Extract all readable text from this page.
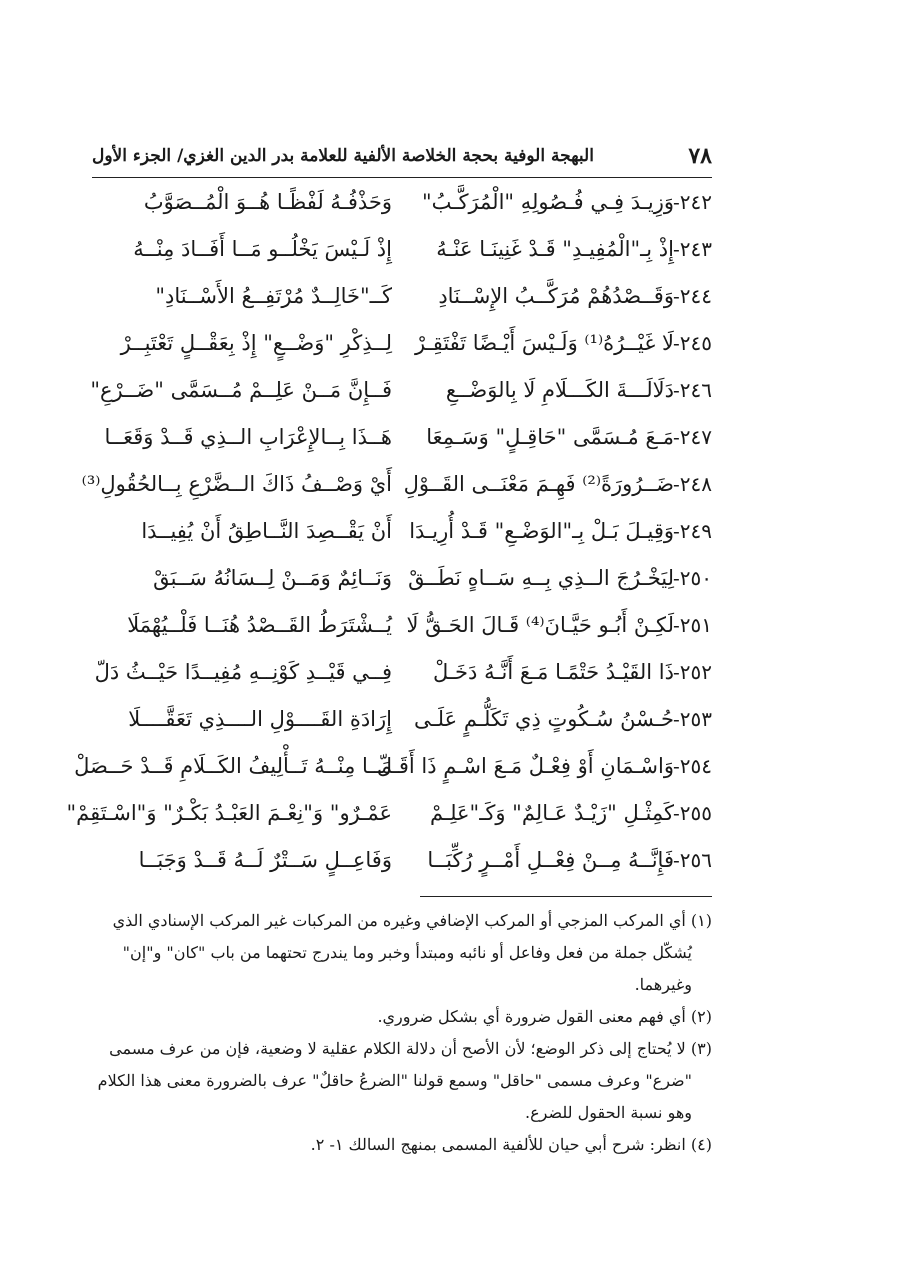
٧٨
البهجة الوفية بحجة الخلاصة الألفية للعلامة بدر الدين الغزي/ الجزء الأول
٢٤٢-
وَزِيـدَ فِـي فُـصُولِهِ "الْمُرَكَّـبُ"
وَحَذْفُـهُ لَفْظًـا هُــوَ الْمُــصَوَّبُ
٢٤٣-
إِذْ بِـ"الْمُفِيـدِ" قَـدْ غَنِينَـا عَنْـهُ
إِذْ لَـيْسَ يَخْلُــو مَــا أَفَــادَ مِنْــهُ
٢٤٤-
وَقَــصْدُهُمْ مُرَكَّــبُ الإِسْــنَادِ
كَــ"خَالِــدٌ مُرْتَفِــعُ الأَسْــنَادِ"
٢٤٥-
لَا غَيْــرُهُ⁽¹⁾ وَلَـيْسَ أَيْـضًا تَفْتَقِـرْ
لِــذِكْرِ "وَضْــعٍ" إِذْ بِعَقْــلٍ تَعْتَبِــرْ
٢٤٦-
دَلَالَـــةَ الكَـــلَامِ لَا بِالوَضْــعِ
فَــإِنَّ مَــنْ عَلِــمْ مُــسَمَّى "ضَــرْعِ"
٢٤٧-
مَـعَ مُـسَمَّى "حَاقِـلٍ" وَسَـمِعَا
هَــذَا بِــالإِعْرَابِ الــذِي قَــدْ وَقَعَــا
٢٤٨-
ضَــرُورَةً⁽²⁾ فَهِـمَ مَعْنَــى القَــوْلِ
أَيْ وَصْــفُ ذَاكَ الــضَّرْعِ بِــالحُقُولِ⁽³⁾
٢٤٩-
وَقِيـلَ بَـلْ بِـ"الوَضْـعِ" قَـدْ أُرِيـدَا
أَنْ يَقْــصِدَ النَّــاطِقُ أَنْ يُفِيــدَا
٢٥٠-
لِيَخْـرُجَ الــذِي بِــهِ سَــاهٍ نَطَــقْ
وَنَــائِمٌ وَمَــنْ لِــسَانُهُ سَــبَقْ
٢٥١-
لَكِـنْ أَبُـو حَيَّـانَ⁽⁴⁾ قَـالَ الحَـقُّ لَا
يُــشْتَرَطُ القَــصْدُ هُنَــا فَلْــيُهْمَلَا
٢٥٢-
ذَا القَيْـدُ حَتْمًـا مَـعَ أَنَّـهُ دَخَـلْ
فِــي قَيْــدِ كَوْنِــهِ مُفِيــدًا حَيْــثُ دَلّ
٢٥٣-
حُـسْنُ سُـكُوتٍ ذِي تَكَلُّـمٍ عَلَـى
إِرَادَةِ القَــــوْلِ الــــذِي تَعَقَّــــلَا
٢٥٤-
وَاسْـمَانِ أَوْ فِعْـلٌ مَـعَ اسْـمٍ ذَا أَقَـلّ
مَــا مِنْــهُ تَــأْلِيفُ الكَــلَامِ قَــدْ حَــصَلْ
٢٥٥-
كَمِثْـلِ "زَيْـدٌ عَـالِمٌ" وَكَـ"عَلِـمْ
عَمْـرٌو" وَ"نِعْـمَ العَبْـدُ بَكْـرٌ" وَ"اسْـتَقِمْ"
٢٥٦-
فَإِنَّــهُ مِــنْ فِعْــلِ أَمْــرٍ رُكِّبَــا
وَفَاعِــلٍ سَــتْرٌ لَــهُ قَــدْ وَجَبَــا
(١) أي المركب المزجي أو المركب الإضافي وغيره من المركبات غير المركب الإسنادي الذي
يُشكّل جملة من فعل وفاعل أو نائبه ومبتدأ وخبر وما يندرج تحتهما من باب "كان" و"إن"
وغيرهما.
(٢) أي فهم معنى القول ضرورة أي بشكل ضروري.
(٣) لا يُحتاج إلى ذكر الوضع؛ لأن الأصح أن دلالة الكلام عقلية لا وضعية، فإن من عرف مسمى
"ضرع" وعرف مسمى "حاقل" وسمع قولنا "الضرعُ حاقلٌ" عرف بالضرورة معنى هذا الكلام
وهو نسبة الحقول للضرع.
(٤) انظر: شرح أبي حيان للألفية المسمى بمنهج السالك ١- ٢.
